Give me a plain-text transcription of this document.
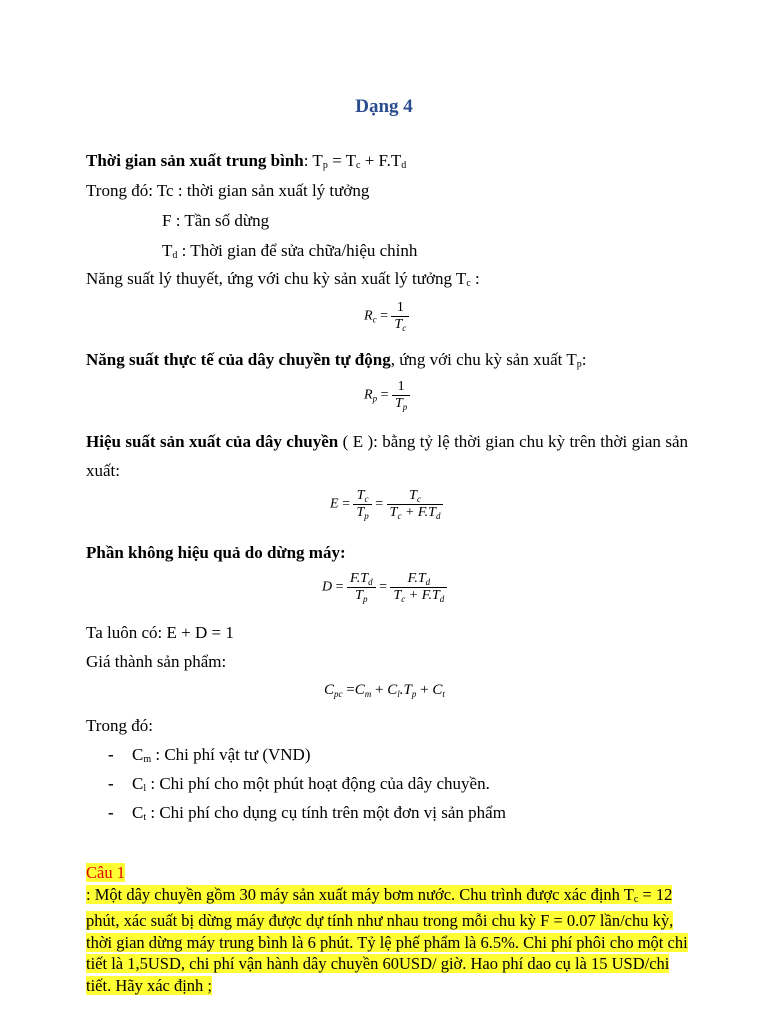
Dạng 4
Thời gian sản xuất trung bình: $T_p = T_c + F.T_d$
Trong đó: Tc : thời gian sản xuất lý tưởng
F : Tần số dừng
$T_d$ : Thời gian để sửa chữa/hiệu chỉnh
Năng suất lý thuyết, ứng với chu kỳ sản xuất lý tưởng $T_c$ :
$R_c = \frac{1}{T_c}$
Năng suất thực tế của dây chuyền tự động, ứng với chu kỳ sản xuất $T_p$:
$R_p = \frac{1}{T_p}$
Hiệu suất sản xuất của dây chuyền ( E ): bằng tỷ lệ thời gian chu kỳ trên thời gian sản xuất:
$E = \frac{T_c}{T_p} = \frac{T_c}{T_c + F.T_d}$
Phần không hiệu quả do dừng máy:
$D = \frac{F.T_d}{T_p} = \frac{F.T_d}{T_c + F.T_d}$
Ta luôn có: E + D = 1
Giá thành sản phẩm:
$C_{pc} =C_m + C_l.T_p + C_t$
Trong đó:
- $C_m$ : Chi phí vật tư (VND)
- $C_l$ : Chi phí cho một phút hoạt động của dây chuyền.
- $C_t$ : Chi phí cho dụng cụ tính trên một đơn vị sản phẩm
Câu 1
: Một dây chuyền gồm 30 máy sản xuất máy bơm nước. Chu trình được xác định $T_c = 12$ phút, xác suất bị dừng máy được dự tính như nhau trong mỗi chu kỳ F = 0.07 lần/chu kỳ, thời gian dừng máy trung bình là 6 phút. Tỷ lệ phế phẩm là 6.5%. Chi phí phôi cho một chi tiết là 1,5USD, chi phí vận hành dây chuyền 60USD/ giờ. Hao phí dao cụ là 15 USD/chi tiết. Hãy xác định ;
